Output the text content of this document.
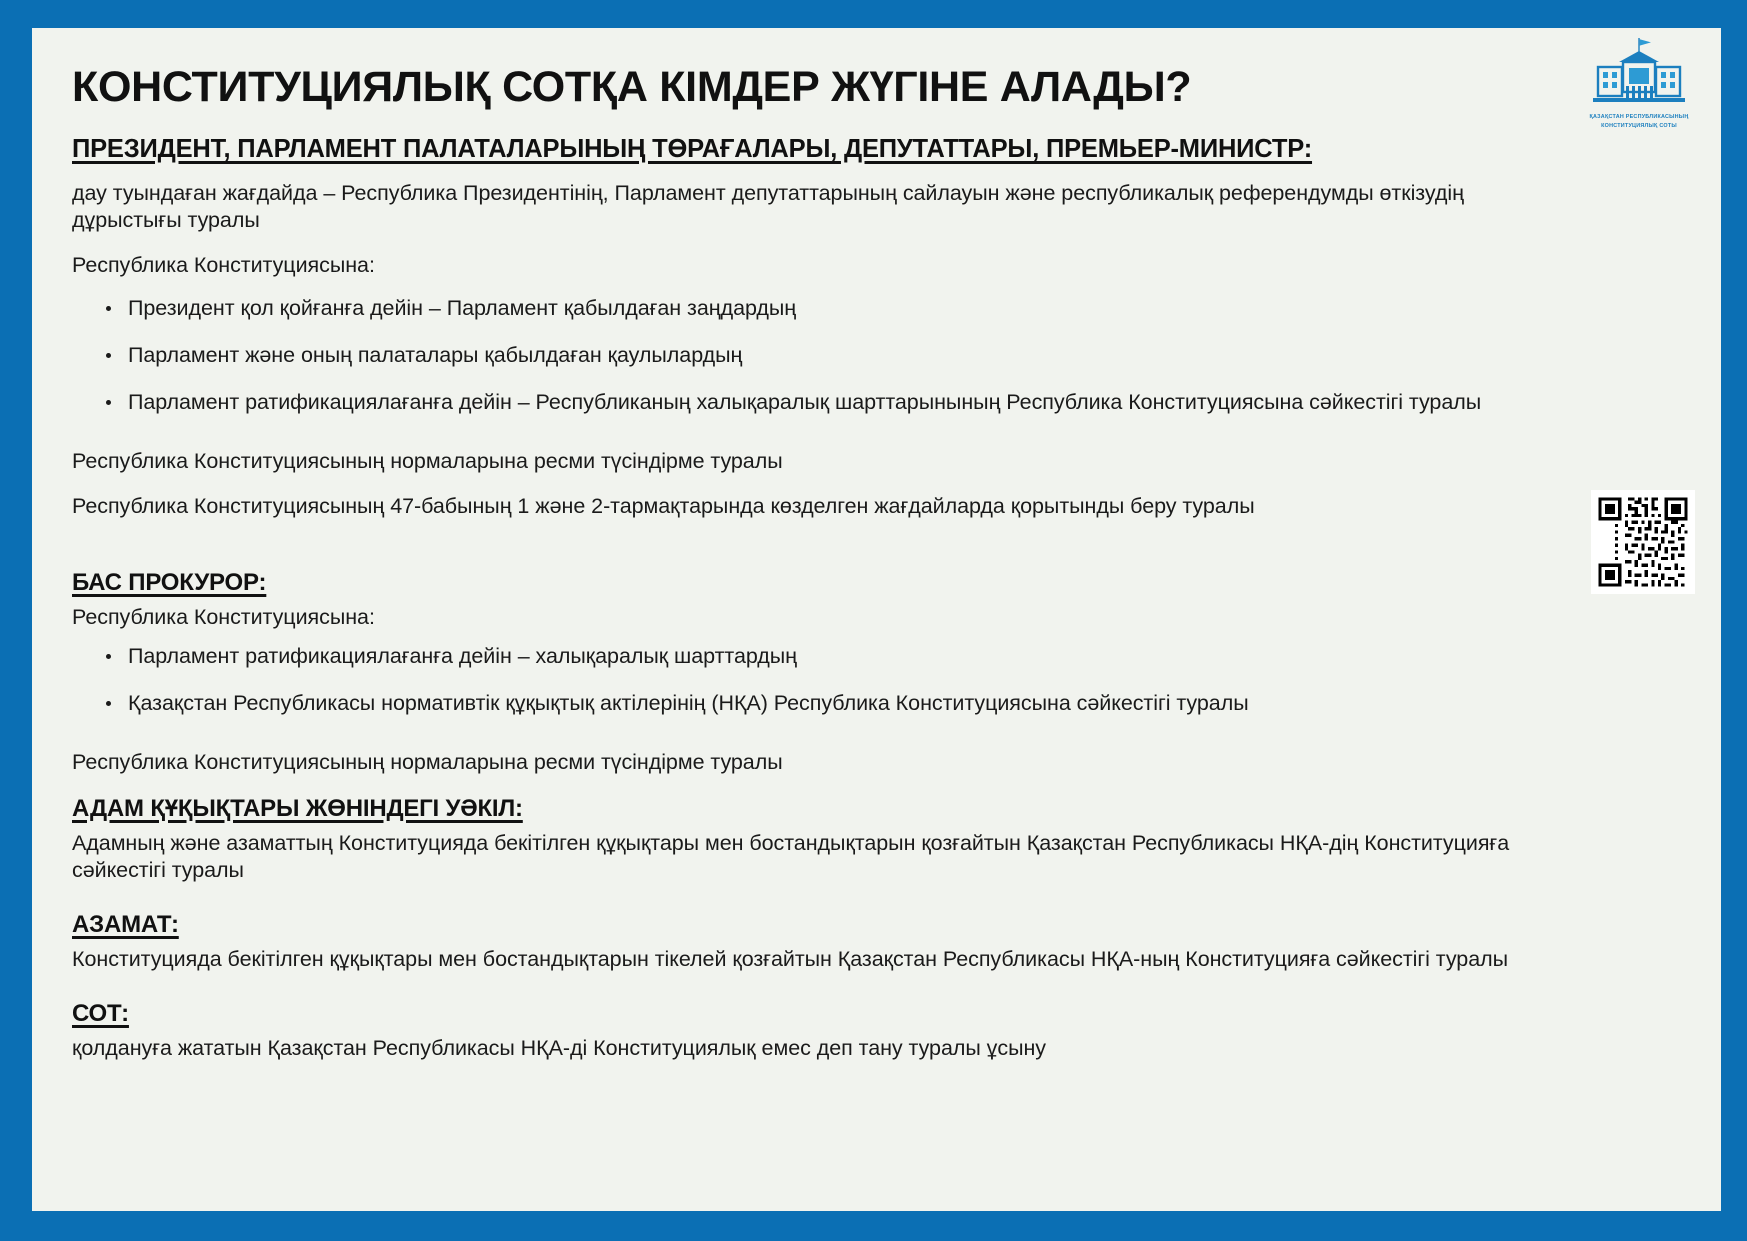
ҚАЗАҚСТАН РЕСПУБЛИКАСЫНЫҢ
КОНСТИТУЦИЯЛЫҚ СОТЫ
КОНСТИТУЦИЯЛЫҚ СОТҚА КІМДЕР ЖҮГІНЕ АЛАДЫ?
ПРЕЗИДЕНТ, ПАРЛАМЕНТ ПАЛАТАЛАРЫНЫҢ ТӨРАҒАЛАРЫ, ДЕПУТАТТАРЫ, ПРЕМЬЕР-МИНИСТР:

дау туындаған жағдайда – Республика Президентінің, Парламент депутаттарының сайлауын және республикалық референдумды өткізудің дұрыстығы туралы

Республика Конституциясына:

Президент қол қойғанға дейін – Парламент қабылдаған заңдардың
Парламент және оның палаталары қабылдаған қаулылардың
Парламент ратификациялағанға дейін – Республиканың халықаралық шарттарынының Республика Конституциясына сәйкестігі туралы

Республика Конституциясының нормаларына ресми түсіндірме туралы

Республика Конституциясының 47-бабының 1 және 2-тармақтарында көзделген жағдайларда қорытынды беру туралы

БАС ПРОКУРОР:

Республика Конституциясына:

Парламент ратификациялағанға дейін – халықаралық шарттардың
Қазақстан Республикасы нормативтік құқықтық актілерінің (НҚА) Республика Конституциясына сәйкестігі туралы

Республика Конституциясының нормаларына ресми түсіндірме туралы

АДАМ ҚҰҚЫҚТАРЫ ЖӨНІНДЕГІ УӘКІЛ:

Адамның және азаматтың Конституцияда бекітілген құқықтары мен бостандықтарын қозғайтын Қазақстан Республикасы НҚА-дің Конституцияға сәйкестігі туралы

АЗАМАТ:

Конституцияда бекітілген құқықтары мен бостандықтарын тікелей қозғайтын Қазақстан Республикасы НҚА-ның Конституцияға сәйкестігі туралы

СОТ:

қолдануға жататын Қазақстан Республикасы НҚА-ді Конституциялық емес деп тану туралы ұсыну
